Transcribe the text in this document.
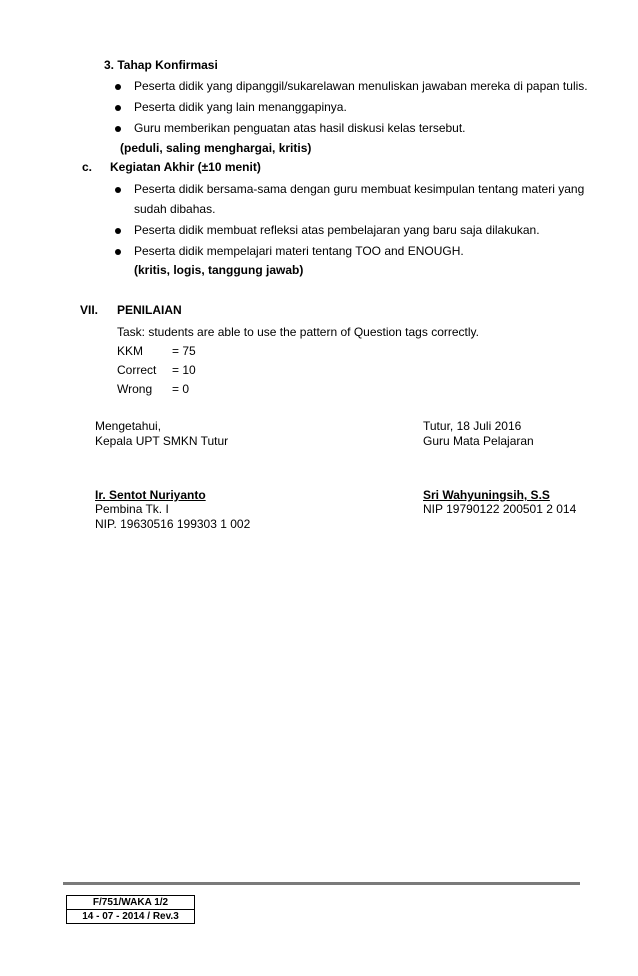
3. Tahap Konfirmasi
Peserta didik yang dipanggil/sukarelawan menuliskan jawaban mereka di papan tulis.
Peserta didik yang lain menanggapinya.
Guru memberikan penguatan atas hasil diskusi kelas tersebut.
(peduli, saling menghargai, kritis)
c. Kegiatan Akhir (±10 menit)
Peserta didik bersama-sama dengan guru membuat kesimpulan tentang materi yang
sudah dibahas.
Peserta didik membuat refleksi atas pembelajaran yang baru saja dilakukan.
Peserta didik mempelajari materi tentang TOO and ENOUGH.
(kritis, logis, tanggung jawab)
VII. PENILAIAN
Task: students are able to use the pattern of Question tags correctly.
KKM = 75
Correct = 10
Wrong = 0
Mengetahui,
Kepala UPT SMKN Tutur
Ir. Sentot Nuriyanto
Pembina Tk. I
NIP. 19630516 199303 1 002
Tutur, 18 Juli 2016
Guru Mata Pelajaran
Sri Wahyuningsih, S.S
NIP 19790122 200501 2 014
F/751/WAKA 1/2
14 - 07 - 2014 / Rev.3
